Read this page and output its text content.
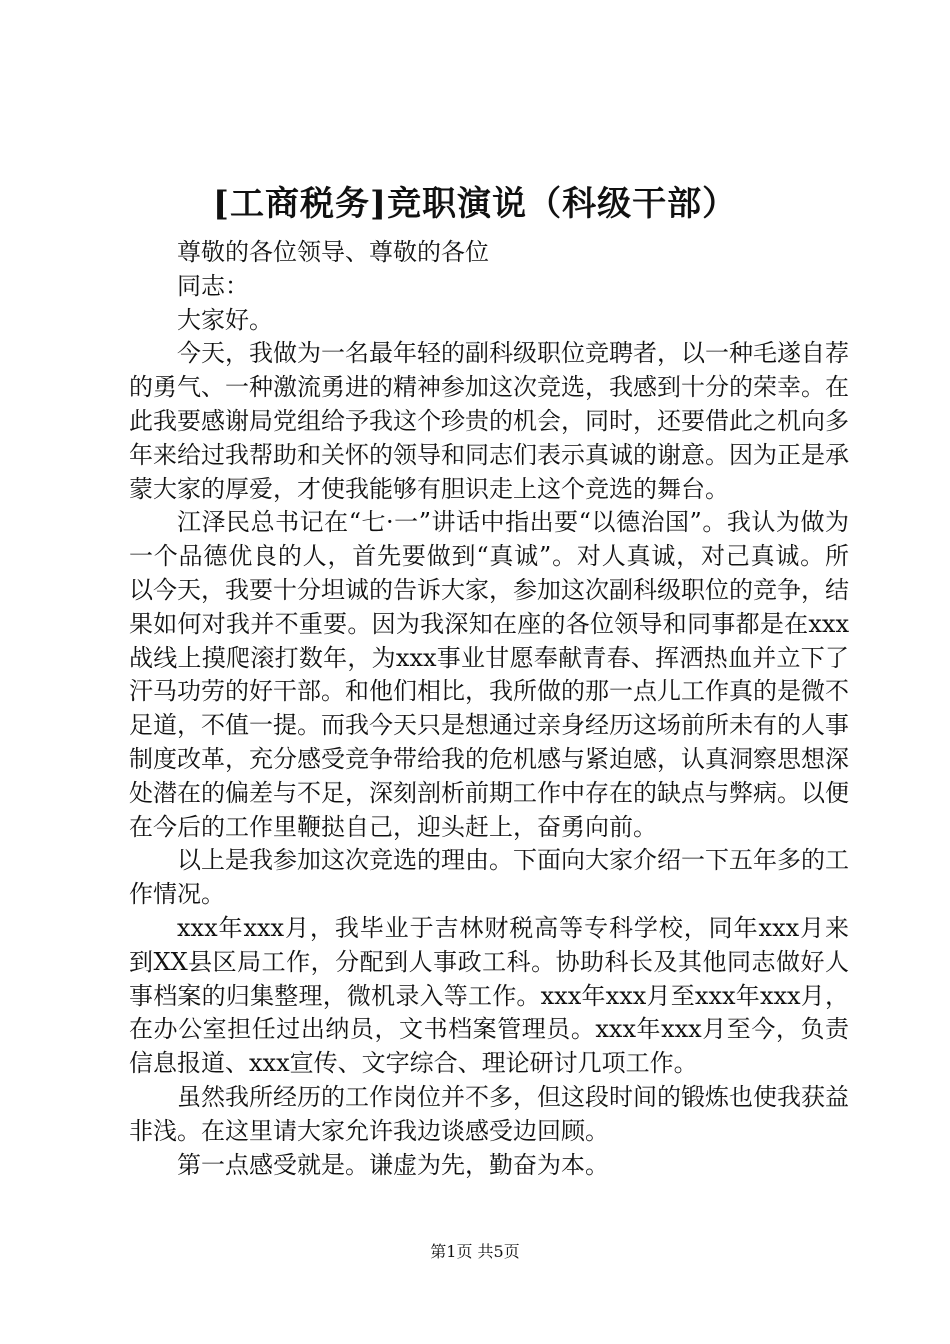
[工商税务]竞职演说（科级干部）

尊敬的各位领导、尊敬的各位

同志：

大家好。

今天，我做为一名最年轻的副科级职位竞聘者，以一种毛遂自荐的勇气、一种激流勇进的精神参加这次竞选，我感到十分的荣幸。在此我要感谢局党组给予我这个珍贵的机会，同时，还要借此之机向多年来给过我帮助和关怀的领导和同志们表示真诚的谢意。因为正是承蒙大家的厚爱，才使我能够有胆识走上这个竞选的舞台。

江泽民总书记在“七·一”讲话中指出要“以德治国”。我认为做为一个品德优良的人，首先要做到“真诚”。对人真诚，对己真诚。所以今天，我要十分坦诚的告诉大家，参加这次副科级职位的竞争，结果如何对我并不重要。因为我深知在座的各位领导和同事都是在xxx战线上摸爬滚打数年，为xxx事业甘愿奉献青春、挥洒热血并立下了汗马功劳的好干部。和他们相比，我所做的那一点儿工作真的是微不足道，不值一提。而我今天只是想通过亲身经历这场前所未有的人事制度改革，充分感受竞争带给我的危机感与紧迫感，认真洞察思想深处潜在的偏差与不足，深刻剖析前期工作中存在的缺点与弊病。以便在今后的工作里鞭挞自己，迎头赶上，奋勇向前。

以上是我参加这次竞选的理由。下面向大家介绍一下五年多的工作情况。

xxx年xxx月，我毕业于吉林财税高等专科学校，同年xxx月来到XX县区局工作，分配到人事政工科。协助科长及其他同志做好人事档案的归集整理，微机录入等工作。xxx年xxx月至xxx年xxx月，在办公室担任过出纳员，文书档案管理员。xxx年xxx月至今，负责信息报道、xxx宣传、文字综合、理论研讨几项工作。

虽然我所经历的工作岗位并不多，但这段时间的锻炼也使我获益非浅。在这里请大家允许我边谈感受边回顾。

第一点感受就是。谦虚为先，勤奋为本。

第1页 共5页
